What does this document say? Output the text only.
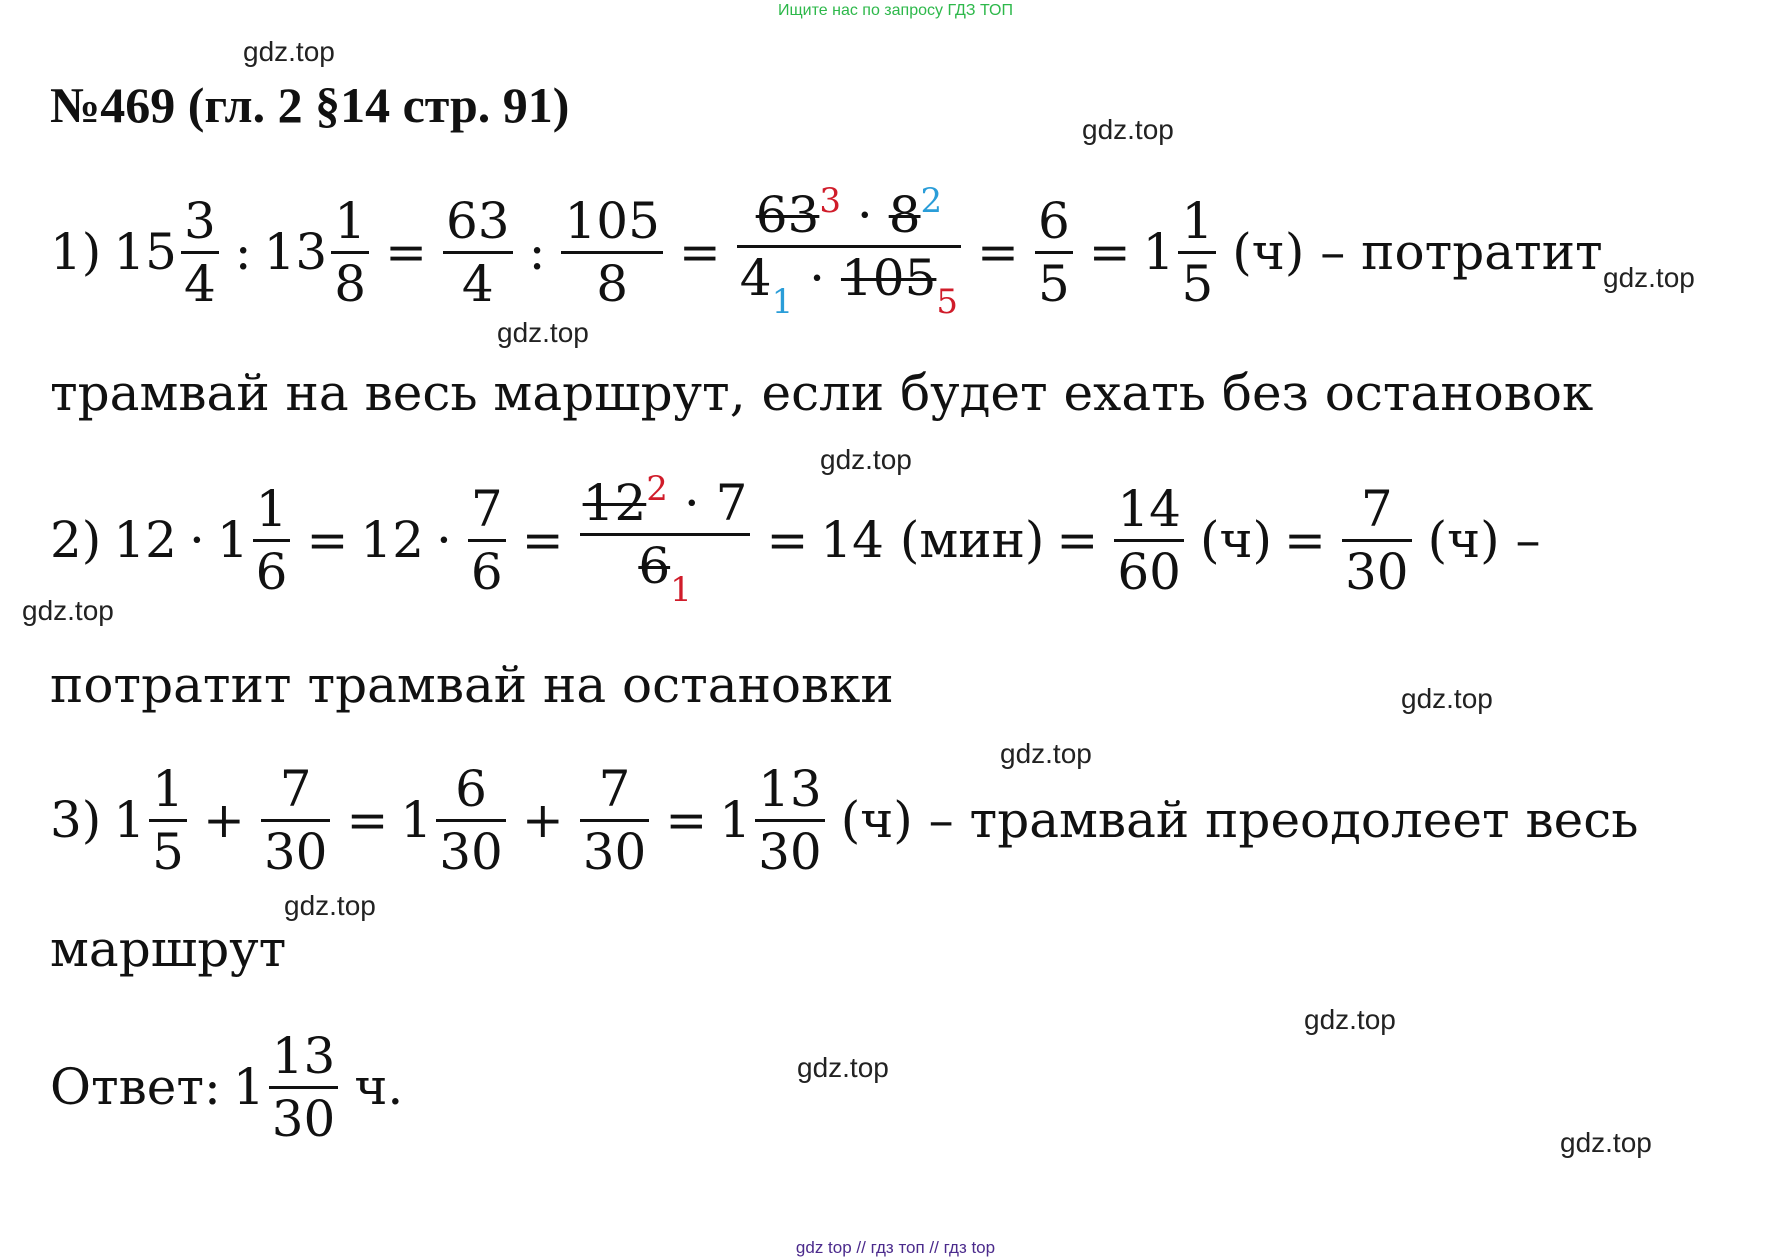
Ищите нас по запросу ГДЗ ТОП
gdz.top
gdz.top
gdz.top
gdz.top
gdz.top
gdz.top
gdz.top
gdz.top
gdz.top
gdz.top
gdz.top
gdz.top
№469 (гл. 2 §14 стр. 91)
1) $15 \frac{3}{4}$ : $13 \frac{1}{8} = \frac{63}{4}$ : $\frac{105}{8} = \frac{63^3 \cdot 8^2}{4_1 \cdot 105_5} = \frac{6}{5} = 1 \frac{1}{5} (ч)$ – потратит
трамвай на весь маршрут, если будет ехать без остановок
2) $12 \cdot 1 \frac{1}{6} = 12 \cdot \frac{7}{6} = \frac{12^2 \cdot 7}{6_1} = 14$ $(мин) = \frac{14}{60} (ч) = \frac{7}{30} (ч)$ –
потратит трамвай на остановки
3) $1 \frac{1}{5} + \frac{7}{30} = 1 \frac{6}{30} + \frac{7}{30} = 1 \frac{13}{30} (ч)$ – трамвай преодолеет весь
маршрут
Ответ: $1 \frac{13}{30} ч$.
gdz top // гдз топ // гдз top
